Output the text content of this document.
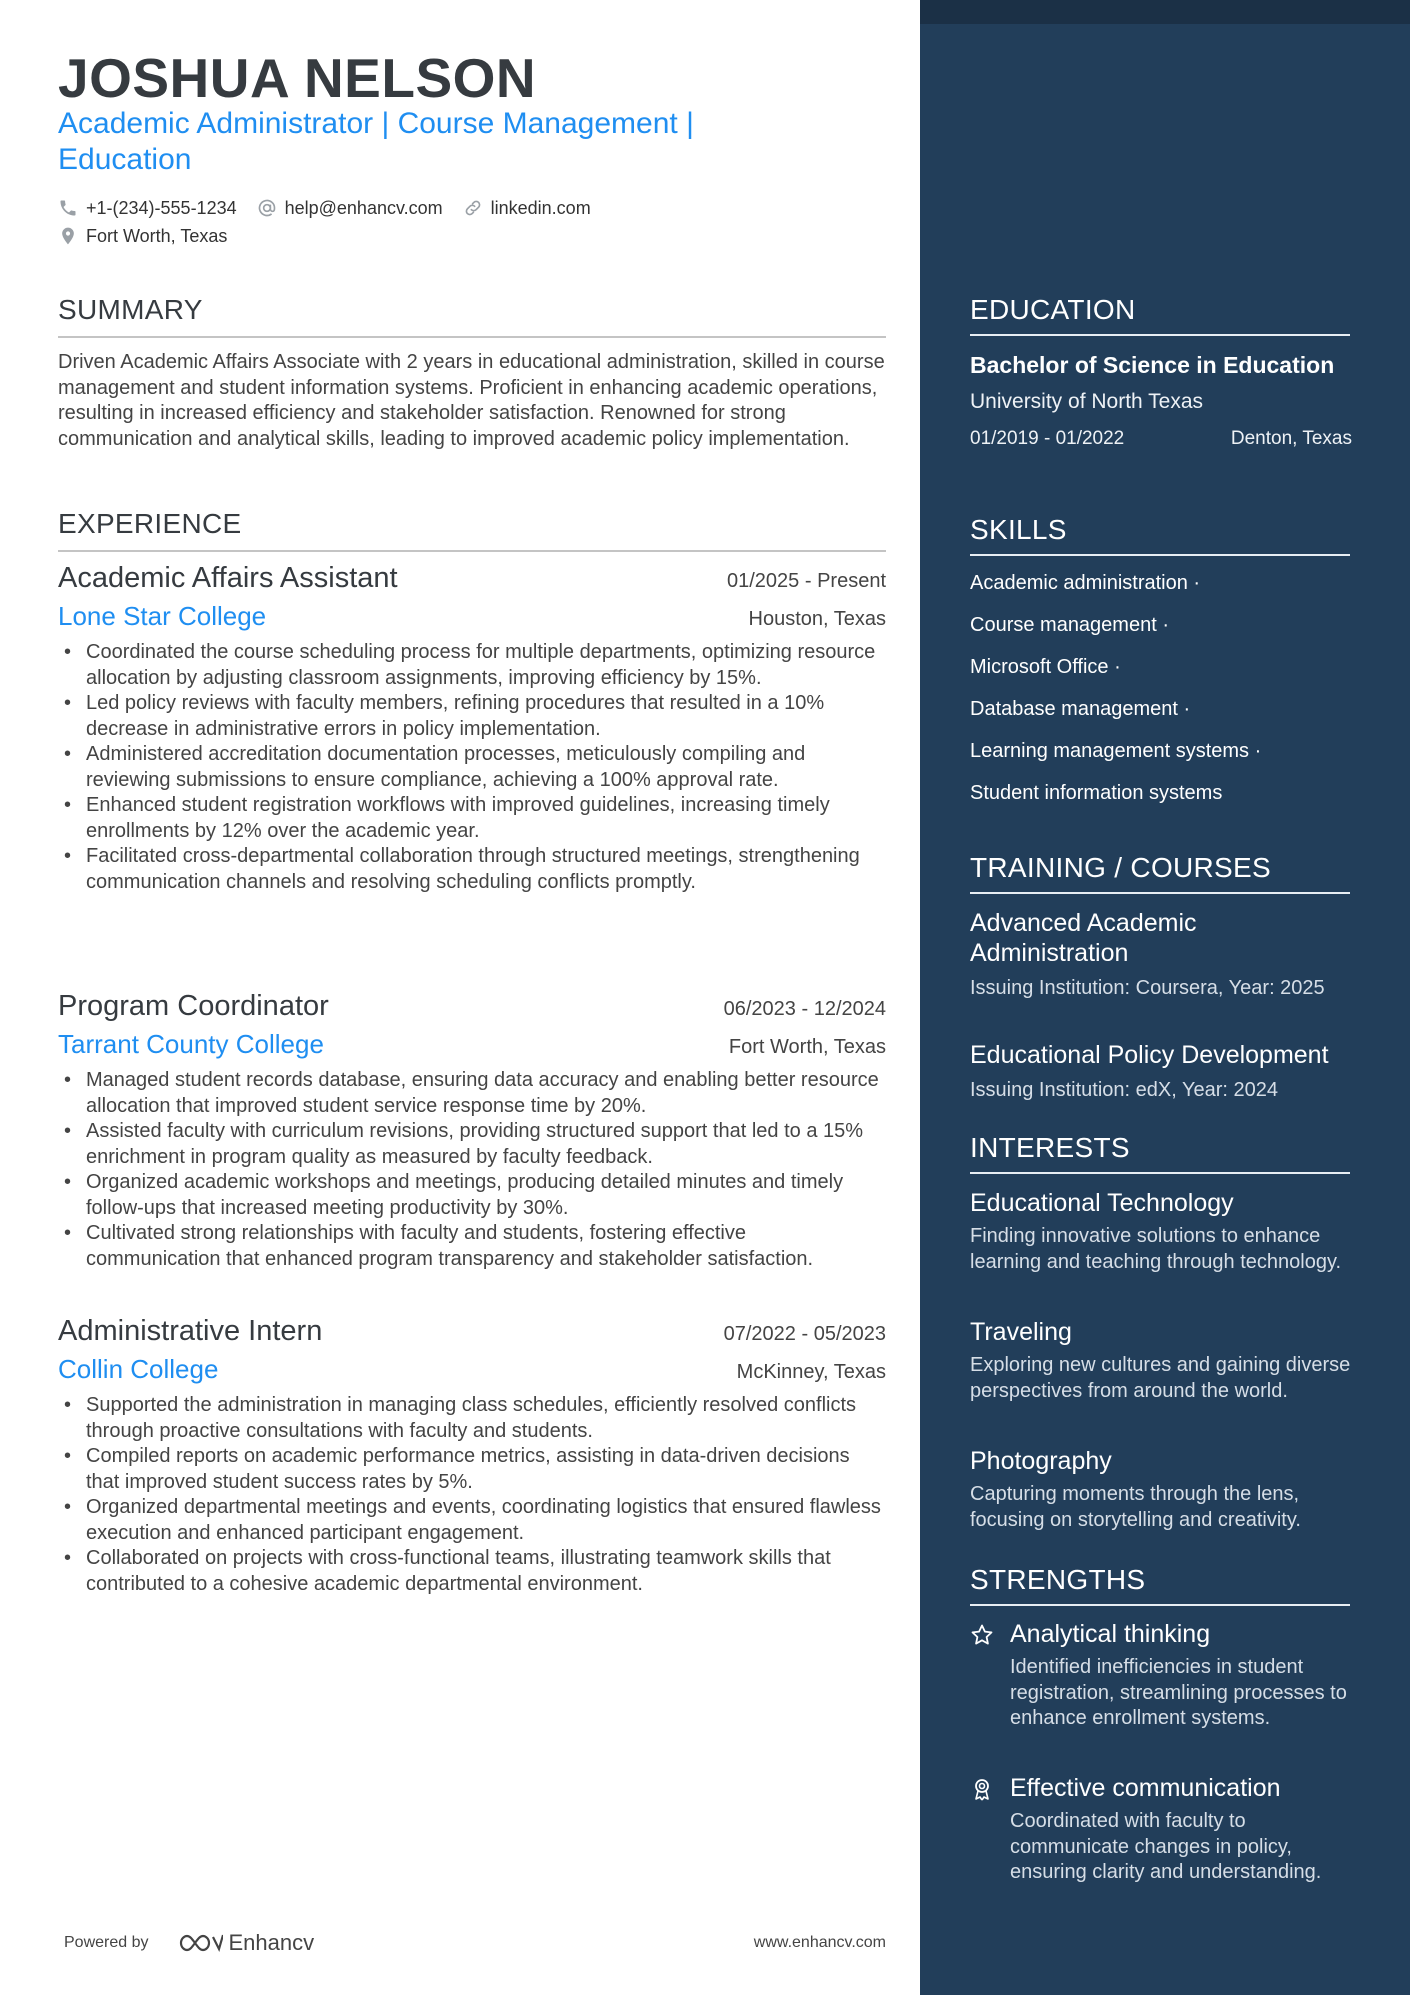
JOSHUA NELSON
Academic Administrator | Course Management | Education
+1-(234)-555-1234	help@enhancv.com	linkedin.com
Fort Worth, Texas
SUMMARY
Driven Academic Affairs Associate with 2 years in educational administration, skilled in course management and student information systems. Proficient in enhancing academic operations, resulting in increased efficiency and stakeholder satisfaction. Renowned for strong communication and analytical skills, leading to improved academic policy implementation.
EXPERIENCE
Academic Affairs Assistant	01/2025 - Present
Lone Star College	Houston, Texas
• Coordinated the course scheduling process for multiple departments, optimizing resource allocation by adjusting classroom assignments, improving efficiency by 15%.
• Led policy reviews with faculty members, refining procedures that resulted in a 10% decrease in administrative errors in policy implementation.
• Administered accreditation documentation processes, meticulously compiling and reviewing submissions to ensure compliance, achieving a 100% approval rate.
• Enhanced student registration workflows with improved guidelines, increasing timely enrollments by 12% over the academic year.
• Facilitated cross-departmental collaboration through structured meetings, strengthening communication channels and resolving scheduling conflicts promptly.
Program Coordinator	06/2023 - 12/2024
Tarrant County College	Fort Worth, Texas
• Managed student records database, ensuring data accuracy and enabling better resource allocation that improved student service response time by 20%.
• Assisted faculty with curriculum revisions, providing structured support that led to a 15% enrichment in program quality as measured by faculty feedback.
• Organized academic workshops and meetings, producing detailed minutes and timely follow-ups that increased meeting productivity by 30%.
• Cultivated strong relationships with faculty and students, fostering effective communication that enhanced program transparency and stakeholder satisfaction.
Administrative Intern	07/2022 - 05/2023
Collin College	McKinney, Texas
• Supported the administration in managing class schedules, efficiently resolved conflicts through proactive consultations with faculty and students.
• Compiled reports on academic performance metrics, assisting in data-driven decisions that improved student success rates by 5%.
• Organized departmental meetings and events, coordinating logistics that ensured flawless execution and enhanced participant engagement.
• Collaborated on projects with cross-functional teams, illustrating teamwork skills that contributed to a cohesive academic departmental environment.
Powered by	Enhancv	www.enhancv.com
EDUCATION
Bachelor of Science in Education
University of North Texas
01/2019 - 01/2022	Denton, Texas
SKILLS
Academic administration ·
Course management ·
Microsoft Office ·
Database management ·
Learning management systems ·
Student information systems
TRAINING / COURSES
Advanced Academic Administration
Issuing Institution: Coursera, Year: 2025
Educational Policy Development
Issuing Institution: edX, Year: 2024
INTERESTS
Educational Technology
Finding innovative solutions to enhance learning and teaching through technology.
Traveling
Exploring new cultures and gaining diverse perspectives from around the world.
Photography
Capturing moments through the lens, focusing on storytelling and creativity.
STRENGTHS
Analytical thinking
Identified inefficiencies in student registration, streamlining processes to enhance enrollment systems.
Effective communication
Coordinated with faculty to communicate changes in policy, ensuring clarity and understanding.
